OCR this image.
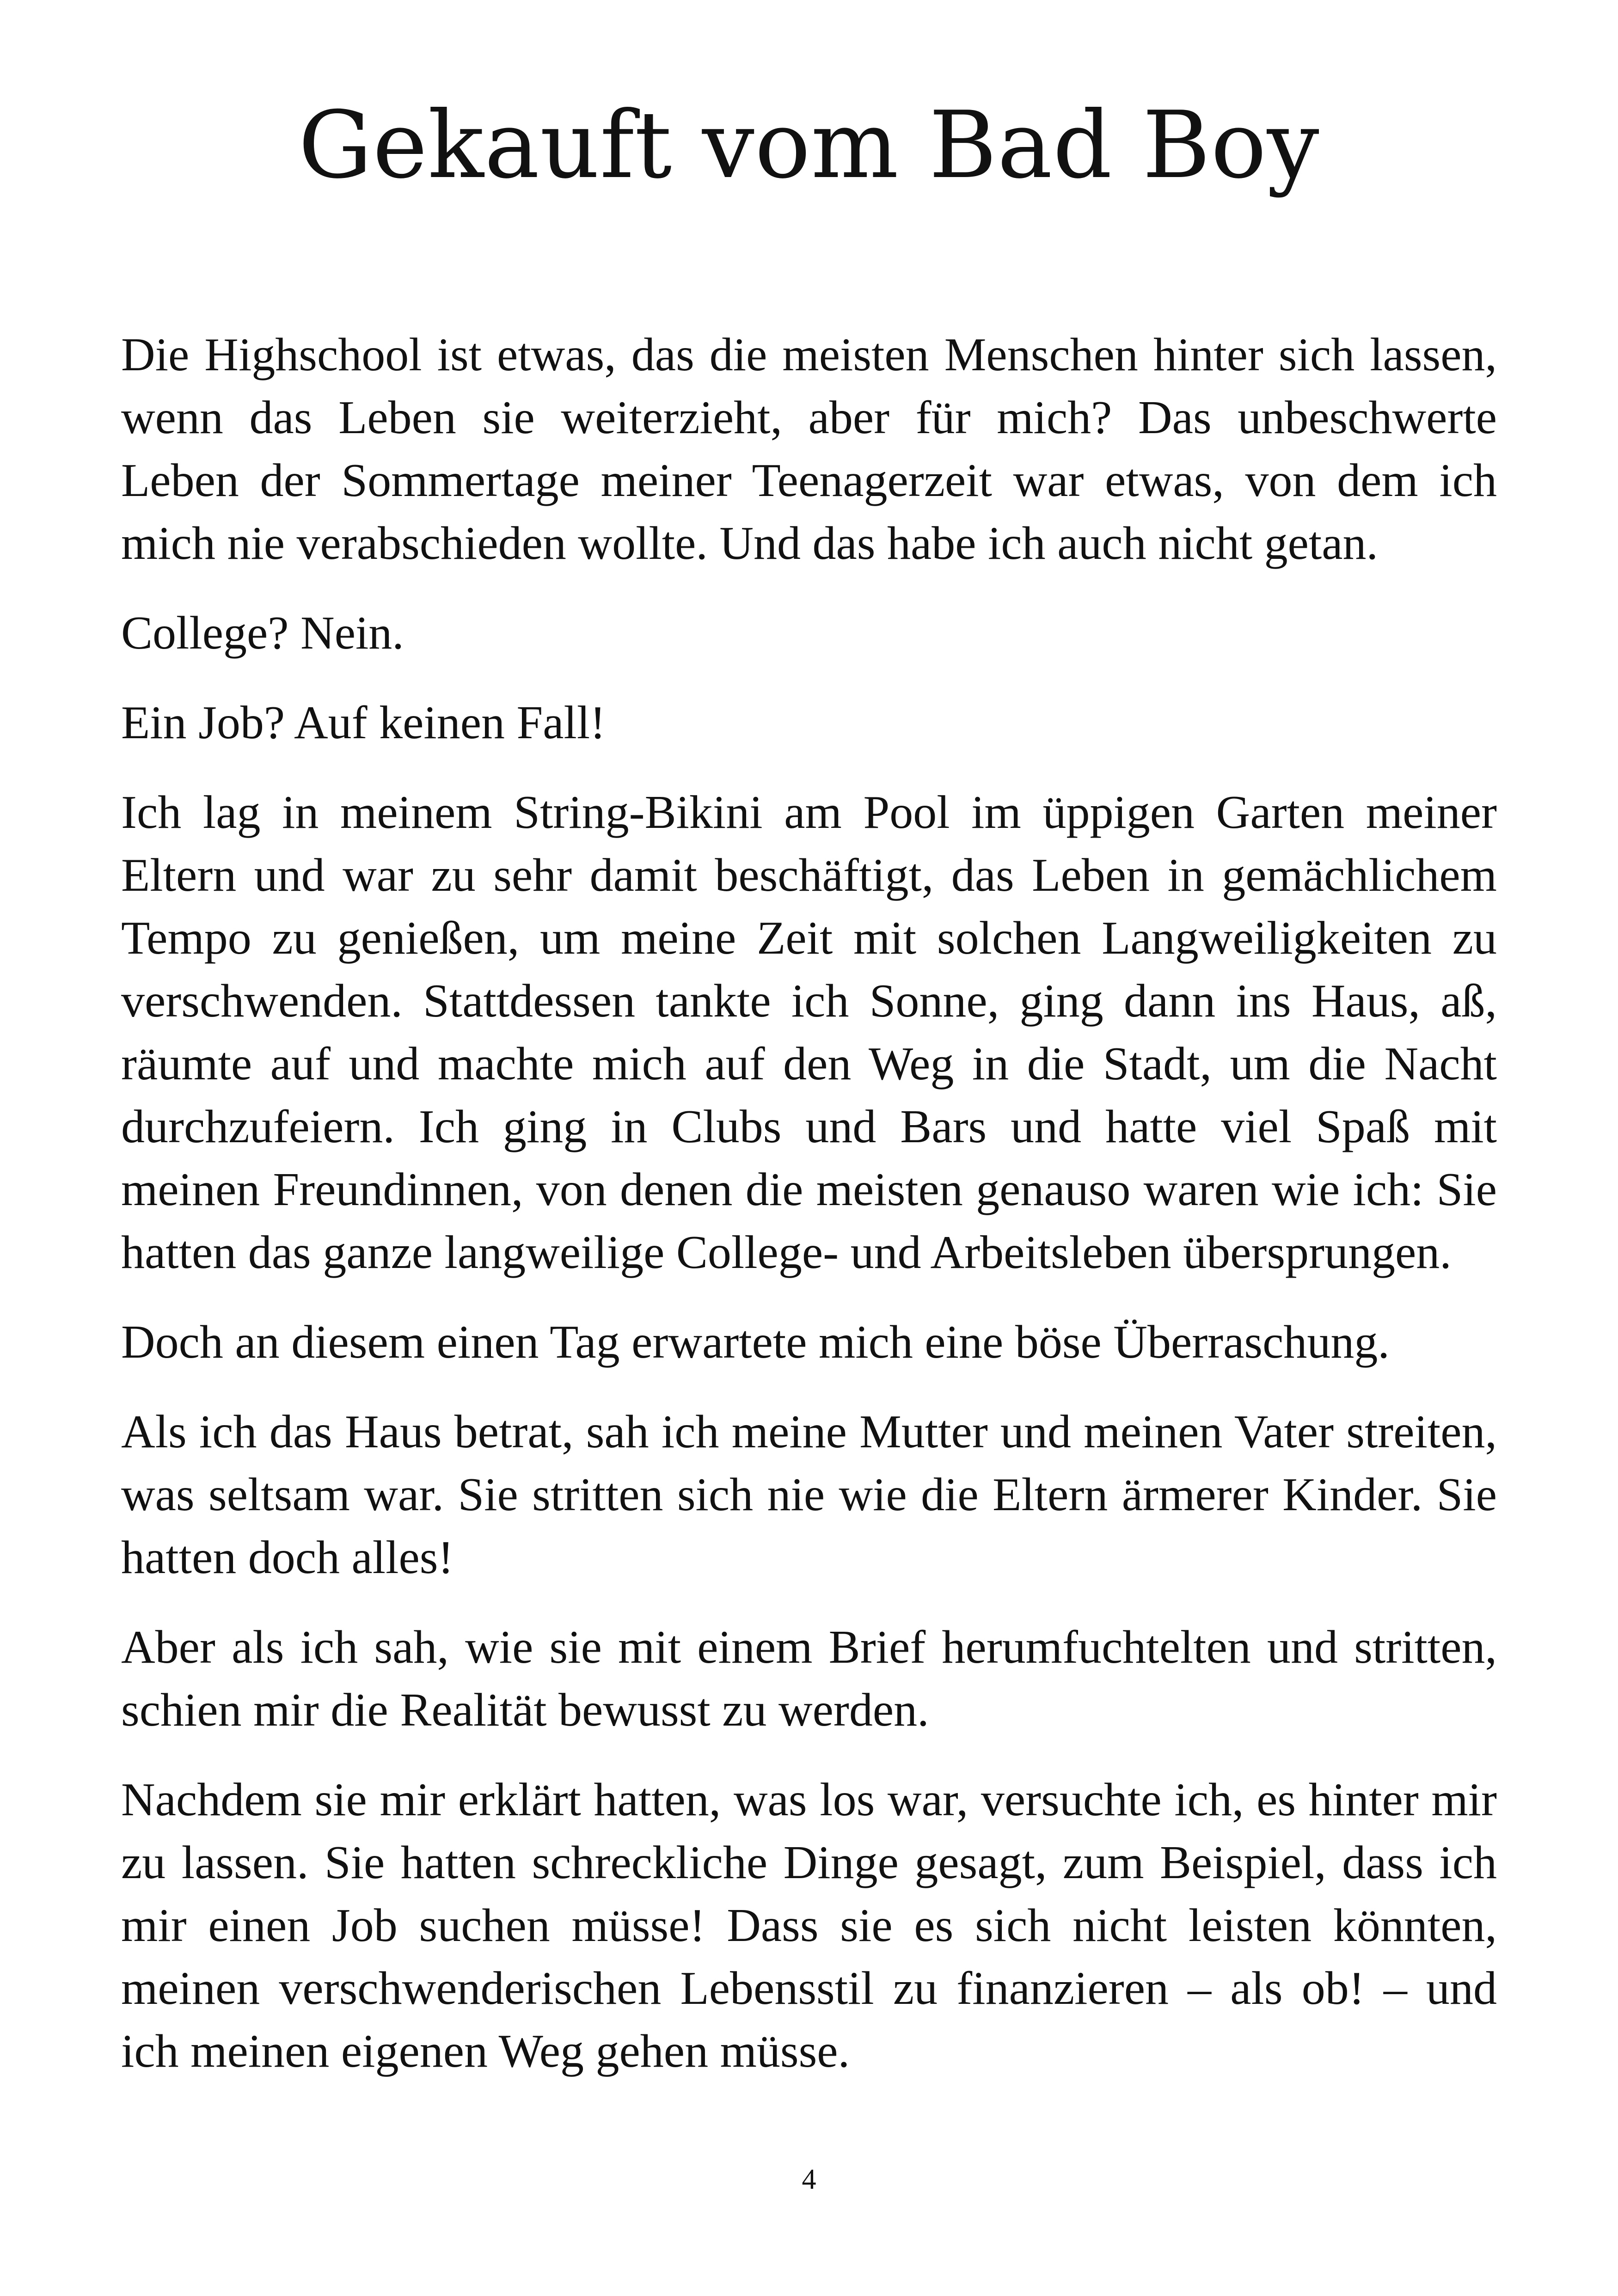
Gekauft vom Bad Boy

Die Highschool ist etwas, das die meisten Menschen hinter sich lassen, wenn das Leben sie weiterzieht, aber für mich? Das unbeschwerte Leben der Sommertage meiner Teenagerzeit war etwas, von dem ich mich nie verabschieden wollte. Und das habe ich auch nicht getan.

College? Nein.

Ein Job? Auf keinen Fall!

Ich lag in meinem String-Bikini am Pool im üppigen Garten meiner Eltern und war zu sehr damit beschäftigt, das Leben in gemächlichem Tempo zu genießen, um meine Zeit mit solchen Langweiligkeiten zu verschwenden. Stattdessen tankte ich Sonne, ging dann ins Haus, aß, räumte auf und machte mich auf den Weg in die Stadt, um die Nacht durchzufeiern. Ich ging in Clubs und Bars und hatte viel Spaß mit meinen Freundinnen, von denen die meisten genauso waren wie ich: Sie hatten das ganze langweilige College- und Arbeitsleben übersprungen.

Doch an diesem einen Tag erwartete mich eine böse Überraschung.

Als ich das Haus betrat, sah ich meine Mutter und meinen Vater streiten, was seltsam war. Sie stritten sich nie wie die Eltern ärmerer Kinder. Sie hatten doch alles!

Aber als ich sah, wie sie mit einem Brief herumfuchtelten und stritten, schien mir die Realität bewusst zu werden.

Nachdem sie mir erklärt hatten, was los war, versuchte ich, es hinter mir zu lassen. Sie hatten schreckliche Dinge gesagt, zum Beispiel, dass ich mir einen Job suchen müsse! Dass sie es sich nicht leisten könnten, meinen verschwenderischen Lebensstil zu finanzieren – als ob! – und ich meinen eigenen Weg gehen müsse.

4
